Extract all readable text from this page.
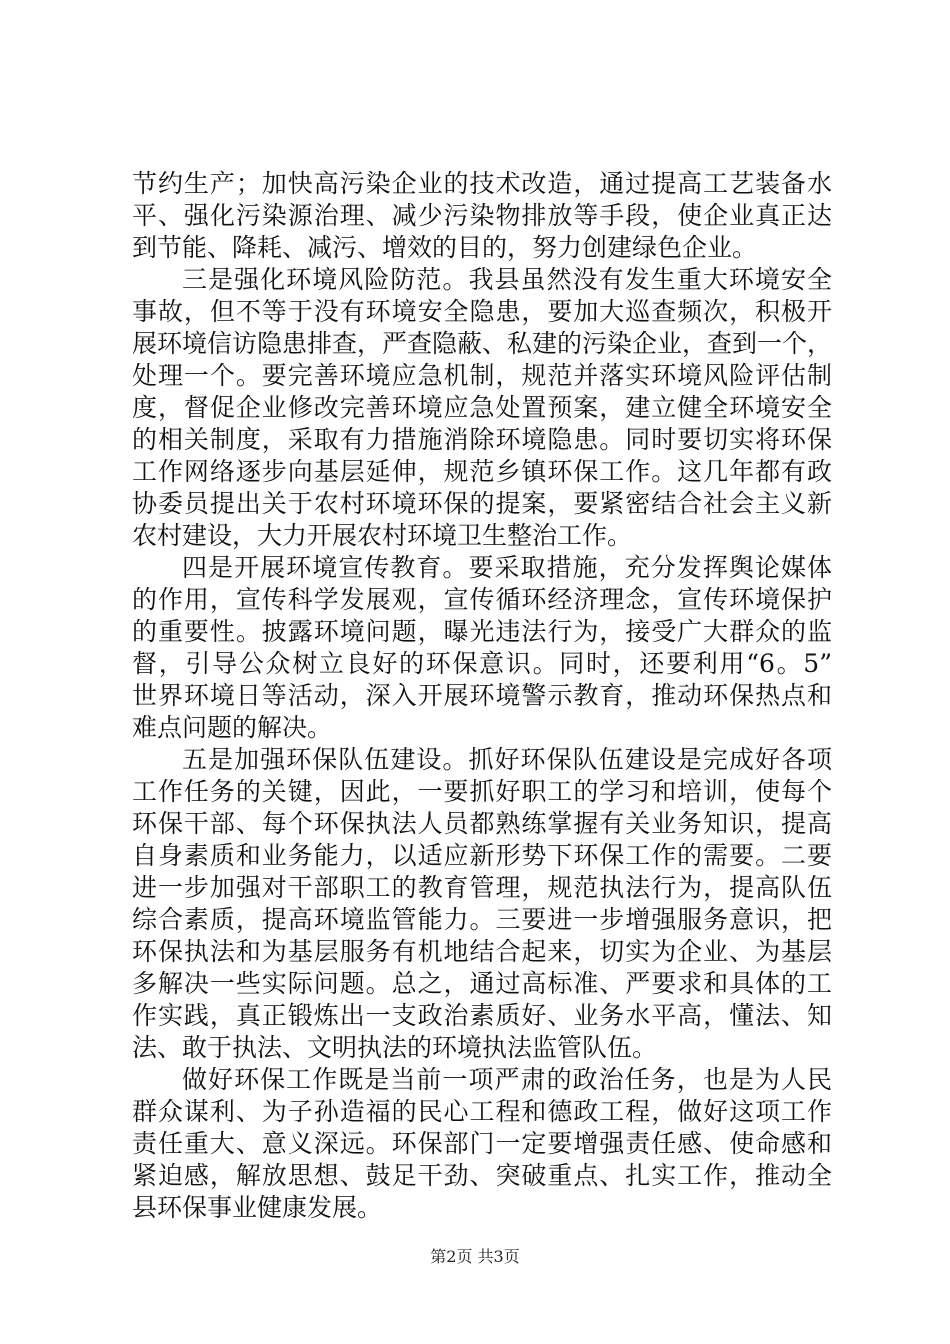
节约生产；加快高污染企业的技术改造，通过提高工艺装备水
平、强化污染源治理、减少污染物排放等手段，使企业真正达
到节能、降耗、减污、增效的目的，努力创建绿色企业。
三是强化环境风险防范。我县虽然没有发生重大环境安全
事故，但不等于没有环境安全隐患，要加大巡查频次，积极开
展环境信访隐患排查，严查隐蔽、私建的污染企业，查到一个，
处理一个。要完善环境应急机制，规范并落实环境风险评估制
度，督促企业修改完善环境应急处置预案，建立健全环境安全
的相关制度，采取有力措施消除环境隐患。同时要切实将环保
工作网络逐步向基层延伸，规范乡镇环保工作。这几年都有政
协委员提出关于农村环境环保的提案，要紧密结合社会主义新
农村建设，大力开展农村环境卫生整治工作。
四是开展环境宣传教育。要采取措施，充分发挥舆论媒体
的作用，宣传科学发展观，宣传循环经济理念，宣传环境保护
的重要性。披露环境问题，曝光违法行为，接受广大群众的监
督，引导公众树立良好的环保意识。同时，还要利用“6。5”
世界环境日等活动，深入开展环境警示教育，推动环保热点和
难点问题的解决。
五是加强环保队伍建设。抓好环保队伍建设是完成好各项
工作任务的关键，因此，一要抓好职工的学习和培训，使每个
环保干部、每个环保执法人员都熟练掌握有关业务知识，提高
自身素质和业务能力，以适应新形势下环保工作的需要。二要
进一步加强对干部职工的教育管理，规范执法行为，提高队伍
综合素质，提高环境监管能力。三要进一步增强服务意识，把
环保执法和为基层服务有机地结合起来，切实为企业、为基层
多解决一些实际问题。总之，通过高标准、严要求和具体的工
作实践，真正锻炼出一支政治素质好、业务水平高，懂法、知
法、敢于执法、文明执法的环境执法监管队伍。
做好环保工作既是当前一项严肃的政治任务，也是为人民
群众谋利、为子孙造福的民心工程和德政工程，做好这项工作
责任重大、意义深远。环保部门一定要增强责任感、使命感和
紧迫感，解放思想、鼓足干劲、突破重点、扎实工作，推动全
县环保事业健康发展。
第2页 共3页
